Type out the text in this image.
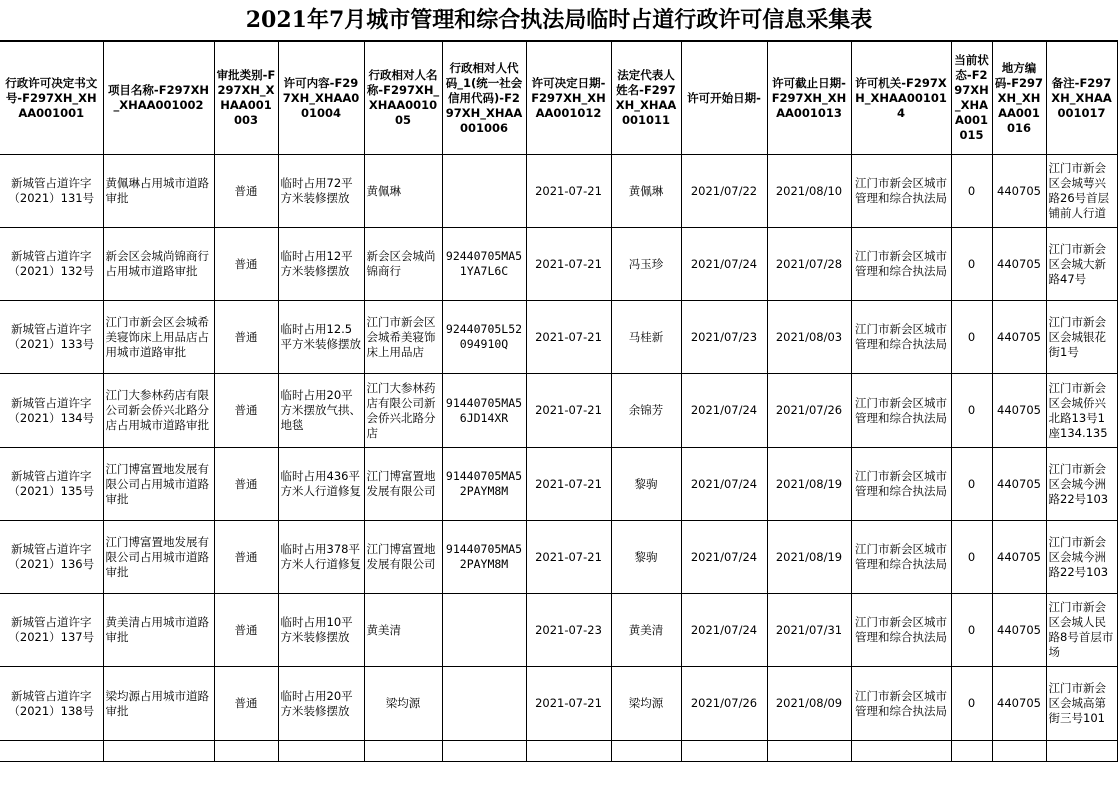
2021年7月城市管理和综合执法局临时占道行政许可信息采集表
行政许可决定书文号-F297XH_XHAA001001	项目名称-F297XH_XHAA001002	审批类别-F297XH_XHAA001003	许可内容-F297XH_XHAA001004	行政相对人名称-F297XH_XHAA001005	行政相对人代码_1(统一社会信用代码)-F297XH_XHAA001006	许可决定日期-F297XH_XHAA001012	法定代表人姓名-F297XH_XHAA001011	许可开始日期-	许可截止日期-F297XH_XHAA001013	许可机关-F297XH_XHAA001014	当前状态-F297XH_XHAA001015	地方编码-F297XH_XHAA001016	备注-F297XH_XHAA001017
新城管占道许字（2021）131号	黄佩琳占用城市道路审批	普通	临时占用72平方米装修摆放	黄佩琳		2021-07-21	黄佩琳	2021/07/22	2021/08/10	江门市新会区城市管理和综合执法局	0	440705	江门市新会区会城萼兴路26号首层铺前人行道
新城管占道许字（2021）132号	新会区会城尚锦商行占用城市道路审批	普通	临时占用12平方米装修摆放	新会区会城尚锦商行	92440705MA51YA7L6C	2021-07-21	冯玉珍	2021/07/24	2021/07/28	江门市新会区城市管理和综合执法局	0	440705	江门市新会区会城大新路47号
新城管占道许字（2021）133号	江门市新会区会城希美寝饰床上用品店占用城市道路审批	普通	临时占用12.5平方米装修摆放	江门市新会区会城希美寝饰床上用品店	92440705L52094910Q	2021-07-21	马桂新	2021/07/23	2021/08/03	江门市新会区城市管理和综合执法局	0	440705	江门市新会区会城银花街1号
新城管占道许字（2021）134号	江门大参林药店有限公司新会侨兴北路分店占用城市道路审批	普通	临时占用20平方米摆放气拱、地毯	江门大参林药店有限公司新会侨兴北路分店	91440705MA56JD14XR	2021-07-21	余锦芳	2021/07/24	2021/07/26	江门市新会区城市管理和综合执法局	0	440705	江门市新会区会城侨兴北路13号1座134.135
新城管占道许字（2021）135号	江门博富置地发展有限公司占用城市道路审批	普通	临时占用436平方米人行道修复	江门博富置地发展有限公司	91440705MA52PAYM8M	2021-07-21	黎驹	2021/07/24	2021/08/19	江门市新会区城市管理和综合执法局	0	440705	江门市新会区会城今洲路22号103
新城管占道许字（2021）136号	江门博富置地发展有限公司占用城市道路审批	普通	临时占用378平方米人行道修复	江门博富置地发展有限公司	91440705MA52PAYM8M	2021-07-21	黎驹	2021/07/24	2021/08/19	江门市新会区城市管理和综合执法局	0	440705	江门市新会区会城今洲路22号103
新城管占道许字（2021）137号	黄美清占用城市道路审批	普通	临时占用10平方米装修摆放	黄美清		2021-07-23	黄美清	2021/07/24	2021/07/31	江门市新会区城市管理和综合执法局	0	440705	江门市新会区会城人民路8号首层市场
新城管占道许字（2021）138号	梁均源占用城市道路审批	普通	临时占用20平方米装修摆放	梁均源		2021-07-21	梁均源	2021/07/26	2021/08/09	江门市新会区城市管理和综合执法局	0	440705	江门市新会区会城高第街三号101
